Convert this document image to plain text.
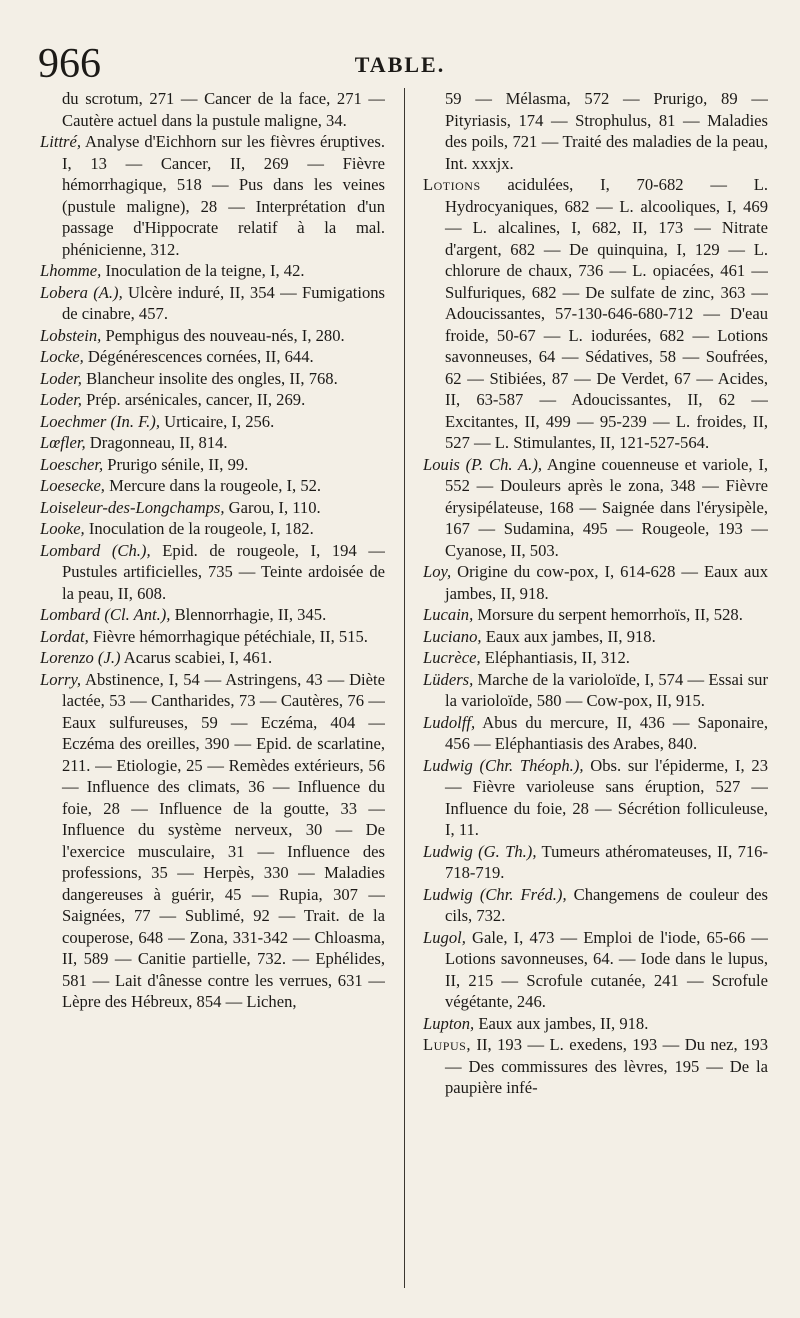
966	TABLE.

du scrotum, 271 — Cancer de la face, 271 — Cautère actuel dans la pustule maligne, 34.

Littré, Analyse d'Eichhorn sur les fièvres éruptives. I, 13 — Cancer, II, 269 — Fièvre hémorrhagique, 518 — Pus dans les veines (pustule maligne), 28 — Interprétation d'un passage d'Hippocrate relatif à la mal. phénicienne, 312.

Lhomme, Inoculation de la teigne, I, 42.

Lobera (A.), Ulcère induré, II, 354 — Fumigations de cinabre, 457.

Lobstein, Pemphigus des nouveau-nés, I, 280.

Locke, Dégénérescences cornées, II, 644.

Loder, Blancheur insolite des ongles, II, 768.

Loder, Prép. arsénicales, cancer, II, 269.

Loechmer (In. F.), Urticaire, I, 256.

Lœfler, Dragonneau, II, 814.

Loescher, Prurigo sénile, II, 99.

Loesecke, Mercure dans la rougeole, I, 52.

Loiseleur-des-Longchamps, Garou, I, 110.

Looke, Inoculation de la rougeole, I, 182.

Lombard (Ch.), Epid. de rougeole, I, 194 — Pustules artificielles, 735 — Teinte ardoisée de la peau, II, 608.

Lombard (Cl. Ant.), Blennorrhagie, II, 345.

Lordat, Fièvre hémorrhagique pétéchiale, II, 515.

Lorenzo (J.) Acarus scabiei, I, 461.

Lorry, Abstinence, I, 54 — Astringens, 43 — Diète lactée, 53 — Cantharides, 73 — Cautères, 76 — Eaux sulfureuses, 59 — Eczéma, 404 — Eczéma des oreilles, 390 — Epid. de scarlatine, 211. — Etiologie, 25 — Remèdes extérieurs, 56 — Influence des climats, 36 — Influence du foie, 28 — Influence de la goutte, 33 — Influence du système nerveux, 30 — De l'exercice musculaire, 31 — Influence des professions, 35 — Herpès, 330 — Maladies dangereuses à guérir, 45 — Rupia, 307 — Saignées, 77 — Sublimé, 92 — Trait. de la couperose, 648 — Zona, 331-342 — Chloasma, II, 589 — Canitie partielle, 732. — Ephélides, 581 — Lait d'ânesse contre les verrues, 631 — Lèpre des Hébreux, 854 — Lichen,

59 — Mélasma, 572 — Prurigo, 89 — Pityriasis, 174 — Strophulus, 81 — Maladies des poils, 721 — Traité des maladies de la peau, Int. xxxjx.

Lotions acidulées, I, 70-682 — L. Hydrocyaniques, 682 — L. alcooliques, I, 469 — L. alcalines, I, 682, II, 173 — Nitrate d'argent, 682 — De quinquina, I, 129 — L. chlorure de chaux, 736 — L. opiacées, 461 — Sulfuriques, 682 — De sulfate de zinc, 363 — Adoucissantes, 57-130-646-680-712 — D'eau froide, 50-67 — L. iodurées, 682 — Lotions savonneuses, 64 — Sédatives, 58 — Soufrées, 62 — Stibiées, 87 — De Verdet, 67 — Acides, II, 63-587 — Adoucissantes, II, 62 — Excitantes, II, 499 — 95-239 — L. froides, II, 527 — L. Stimulantes, II, 121-527-564.

Louis (P. Ch. A.), Angine couenneuse et variole, I, 552 — Douleurs après le zona, 348 — Fièvre érysipélateuse, 168 — Saignée dans l'érysipèle, 167 — Sudamina, 495 — Rougeole, 193 — Cyanose, II, 503.

Loy, Origine du cow-pox, I, 614-628 — Eaux aux jambes, II, 918.

Lucain, Morsure du serpent hemorrhoïs, II, 528.

Luciano, Eaux aux jambes, II, 918.

Lucrèce, Eléphantiasis, II, 312.

Lüders, Marche de la varioloïde, I, 574 — Essai sur la varioloïde, 580 — Cow-pox, II, 915.

Ludolff, Abus du mercure, II, 436 — Saponaire, 456 — Eléphantiasis des Arabes, 840.

Ludwig (Chr. Théoph.), Obs. sur l'épiderme, I, 23 — Fièvre varioleuse sans éruption, 527 — Influence du foie, 28 — Sécrétion folliculeuse, I, 11.

Ludwig (G. Th.), Tumeurs athéromateuses, II, 716-718-719.

Ludwig (Chr. Fréd.), Changemens de couleur des cils, 732.

Lugol, Gale, I, 473 — Emploi de l'iode, 65-66 — Lotions savonneuses, 64. — Iode dans le lupus, II, 215 — Scrofule cutanée, 241 — Scrofule végétante, 246.

Lupton, Eaux aux jambes, II, 918.

Lupus, II, 193 — L. exedens, 193 — Du nez, 193 — Des commissures des lèvres, 195 — De la paupière infé-
